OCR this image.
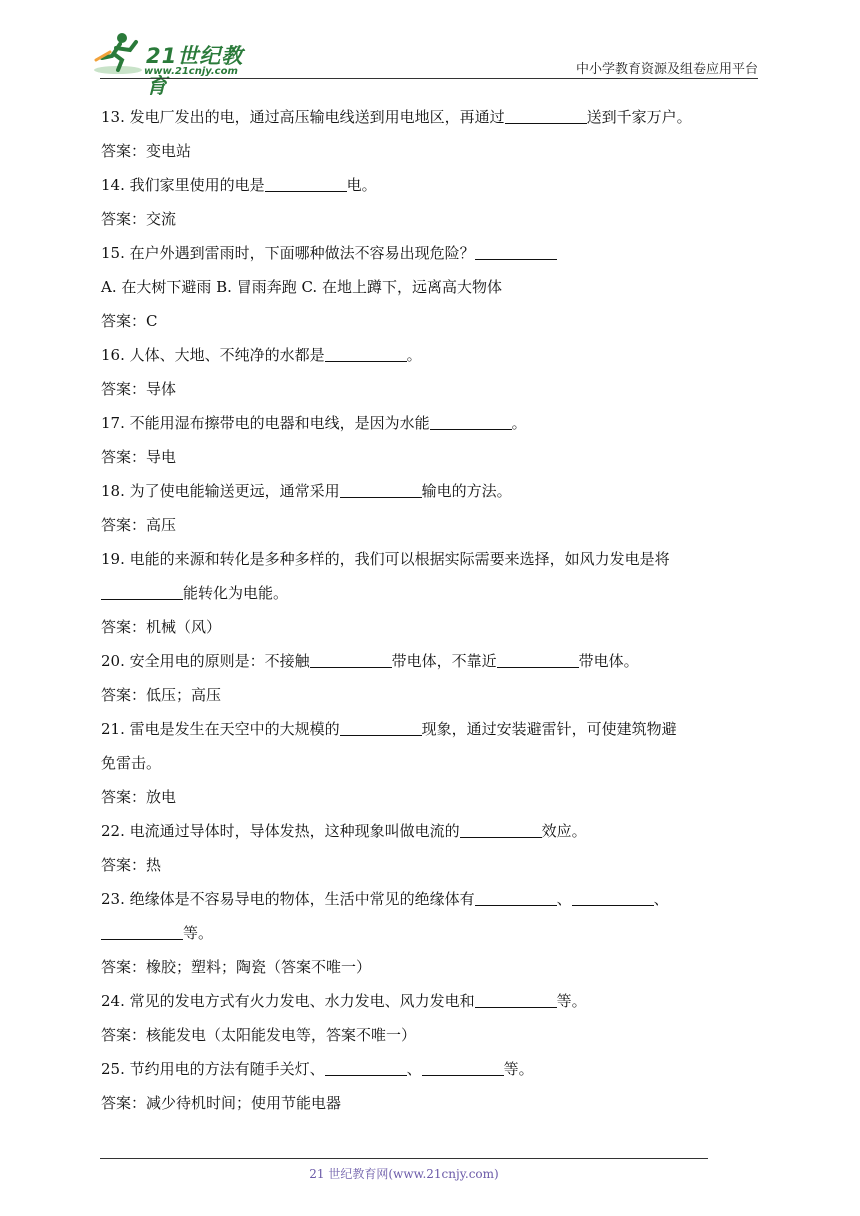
21世纪教育
www.21cnjy.com	中小学教育资源及组卷应用平台
13. 发电厂发出的电，通过高压输电线送到用电地区，再通过	送到千家万户。
答案：变电站
14. 我们家里使用的电是	电。
答案：交流
15. 在户外遇到雷雨时，下面哪种做法不容易出现危险？
A. 在大树下避雨 B. 冒雨奔跑 C. 在地上蹲下，远离高大物体
答案：C
16. 人体、大地、不纯净的水都是	。
答案：导体
17. 不能用湿布擦带电的电器和电线，是因为水能	。
答案：导电
18. 为了使电能输送更远，通常采用	输电的方法。
答案：高压
19. 电能的来源和转化是多种多样的，我们可以根据实际需要来选择，如风力发电是将
能转化为电能。
答案：机械（风）
20. 安全用电的原则是：不接触	带电体，不靠近	带电体。
答案：低压；高压
21. 雷电是发生在天空中的大规模的	现象，通过安装避雷针，可使建筑物避
免雷击。
答案：放电
22. 电流通过导体时，导体发热，这种现象叫做电流的	效应。
答案：热
23. 绝缘体是不容易导电的物体，生活中常见的绝缘体有	、	、
等。
答案：橡胶；塑料；陶瓷（答案不唯一）
24. 常见的发电方式有火力发电、水力发电、风力发电和	等。
答案：核能发电（太阳能发电等，答案不唯一）
25. 节约用电的方法有随手关灯、	、	等。
答案：减少待机时间；使用节能电器
21 世纪教育网(www.21cnjy.com)
